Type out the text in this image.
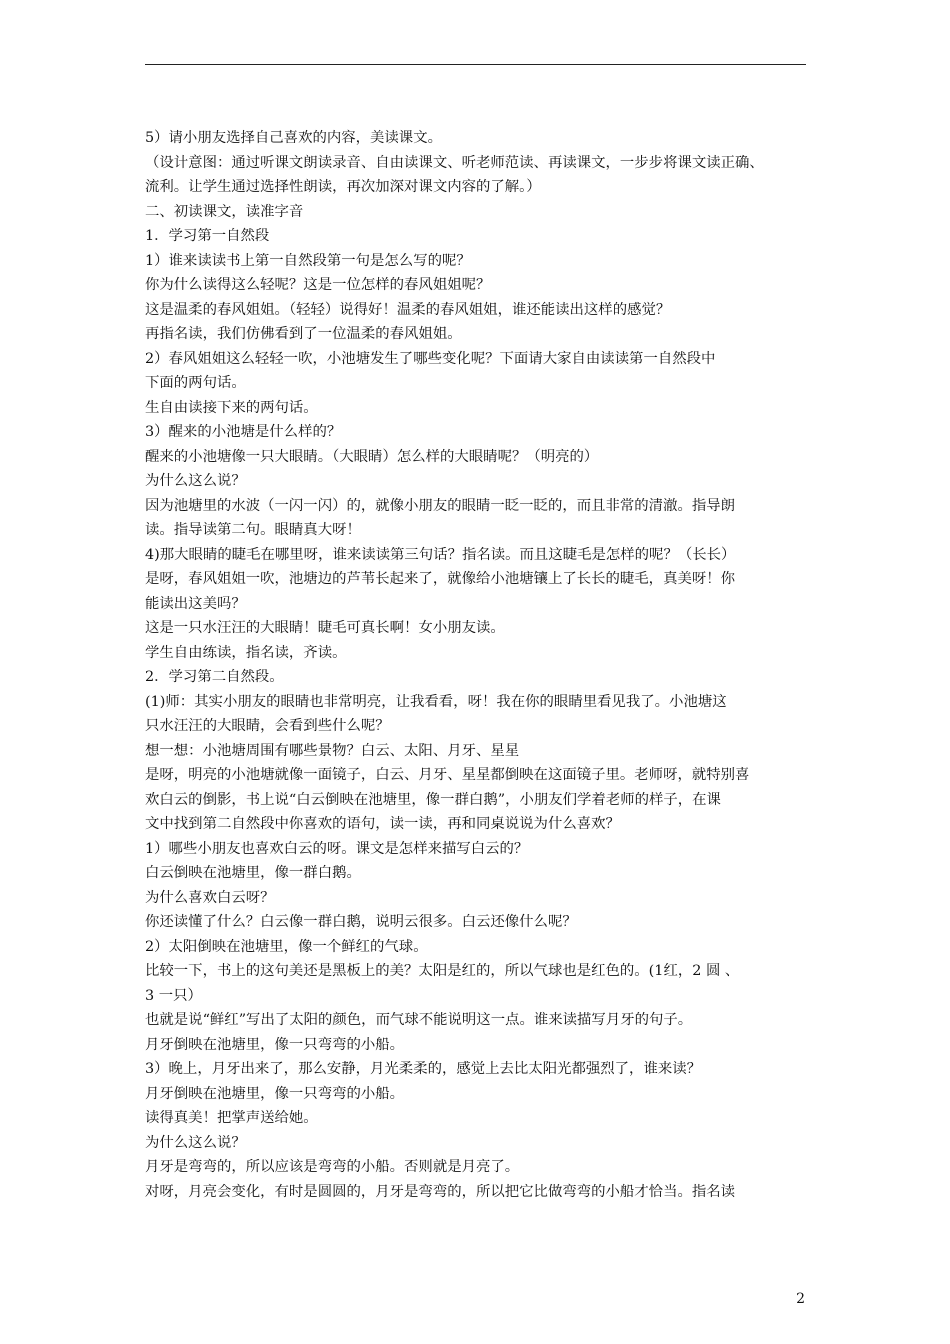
5）请小朋友选择自己喜欢的内容，美读课文。
（设计意图：通过听课文朗读录音、自由读课文、听老师范读、再读课文，一步步将课文读正确、
流利。让学生通过选择性朗读，再次加深对课文内容的了解。）
二、初读课文，读准字音
1．学习第一自然段
1）谁来读读书上第一自然段第一句是怎么写的呢？
你为什么读得这么轻呢？这是一位怎样的春风姐姐呢？
这是温柔的春风姐姐。（轻轻）说得好！温柔的春风姐姐，谁还能读出这样的感觉？
再指名读，我们仿佛看到了一位温柔的春风姐姐。
2）春风姐姐这么轻轻一吹，小池塘发生了哪些变化呢？下面请大家自由读读第一自然段中
下面的两句话。
生自由读接下来的两句话。
3）醒来的小池塘是什么样的？
醒来的小池塘像一只大眼睛。（大眼睛）怎么样的大眼睛呢？（明亮的）
为什么这么说？
因为池塘里的水波（一闪一闪）的，就像小朋友的眼睛一眨一眨的，而且非常的清澈。指导朗
读。指导读第二句。眼睛真大呀！
4)那大眼睛的睫毛在哪里呀，谁来读读第三句话？指名读。而且这睫毛是怎样的呢？（长长）
是呀，春风姐姐一吹，池塘边的芦苇长起来了，就像给小池塘镶上了长长的睫毛，真美呀！你
能读出这美吗？
这是一只水汪汪的大眼睛！睫毛可真长啊！女小朋友读。
学生自由练读，指名读，齐读。
2．学习第二自然段。
(1)师：其实小朋友的眼睛也非常明亮，让我看看，呀！我在你的眼睛里看见我了。小池塘这
只水汪汪的大眼睛，会看到些什么呢？
想一想：小池塘周围有哪些景物？白云、太阳、月牙、星星
是呀，明亮的小池塘就像一面镜子，白云、月牙、星星都倒映在这面镜子里。老师呀，就特别喜
欢白云的倒影，书上说“白云倒映在池塘里，像一群白鹅”，小朋友们学着老师的样子，在课
文中找到第二自然段中你喜欢的语句，读一读，再和同桌说说为什么喜欢？
1）哪些小朋友也喜欢白云的呀。课文是怎样来描写白云的？
白云倒映在池塘里，像一群白鹅。
为什么喜欢白云呀？
你还读懂了什么？白云像一群白鹅，说明云很多。白云还像什么呢？
2）太阳倒映在池塘里，像一个鲜红的气球。
比较一下，书上的这句美还是黑板上的美？太阳是红的，所以气球也是红色的。(1红，2 圆 、
3 一只）
也就是说“鲜红”写出了太阳的颜色，而气球不能说明这一点。谁来读描写月牙的句子。
月牙倒映在池塘里，像一只弯弯的小船。
3）晚上，月牙出来了，那么安静，月光柔柔的，感觉上去比太阳光都强烈了，谁来读？
月牙倒映在池塘里，像一只弯弯的小船。
读得真美！把掌声送给她。
为什么这么说？
月牙是弯弯的，所以应该是弯弯的小船。否则就是月亮了。
对呀，月亮会变化，有时是圆圆的，月牙是弯弯的，所以把它比做弯弯的小船才恰当。指名读
2
